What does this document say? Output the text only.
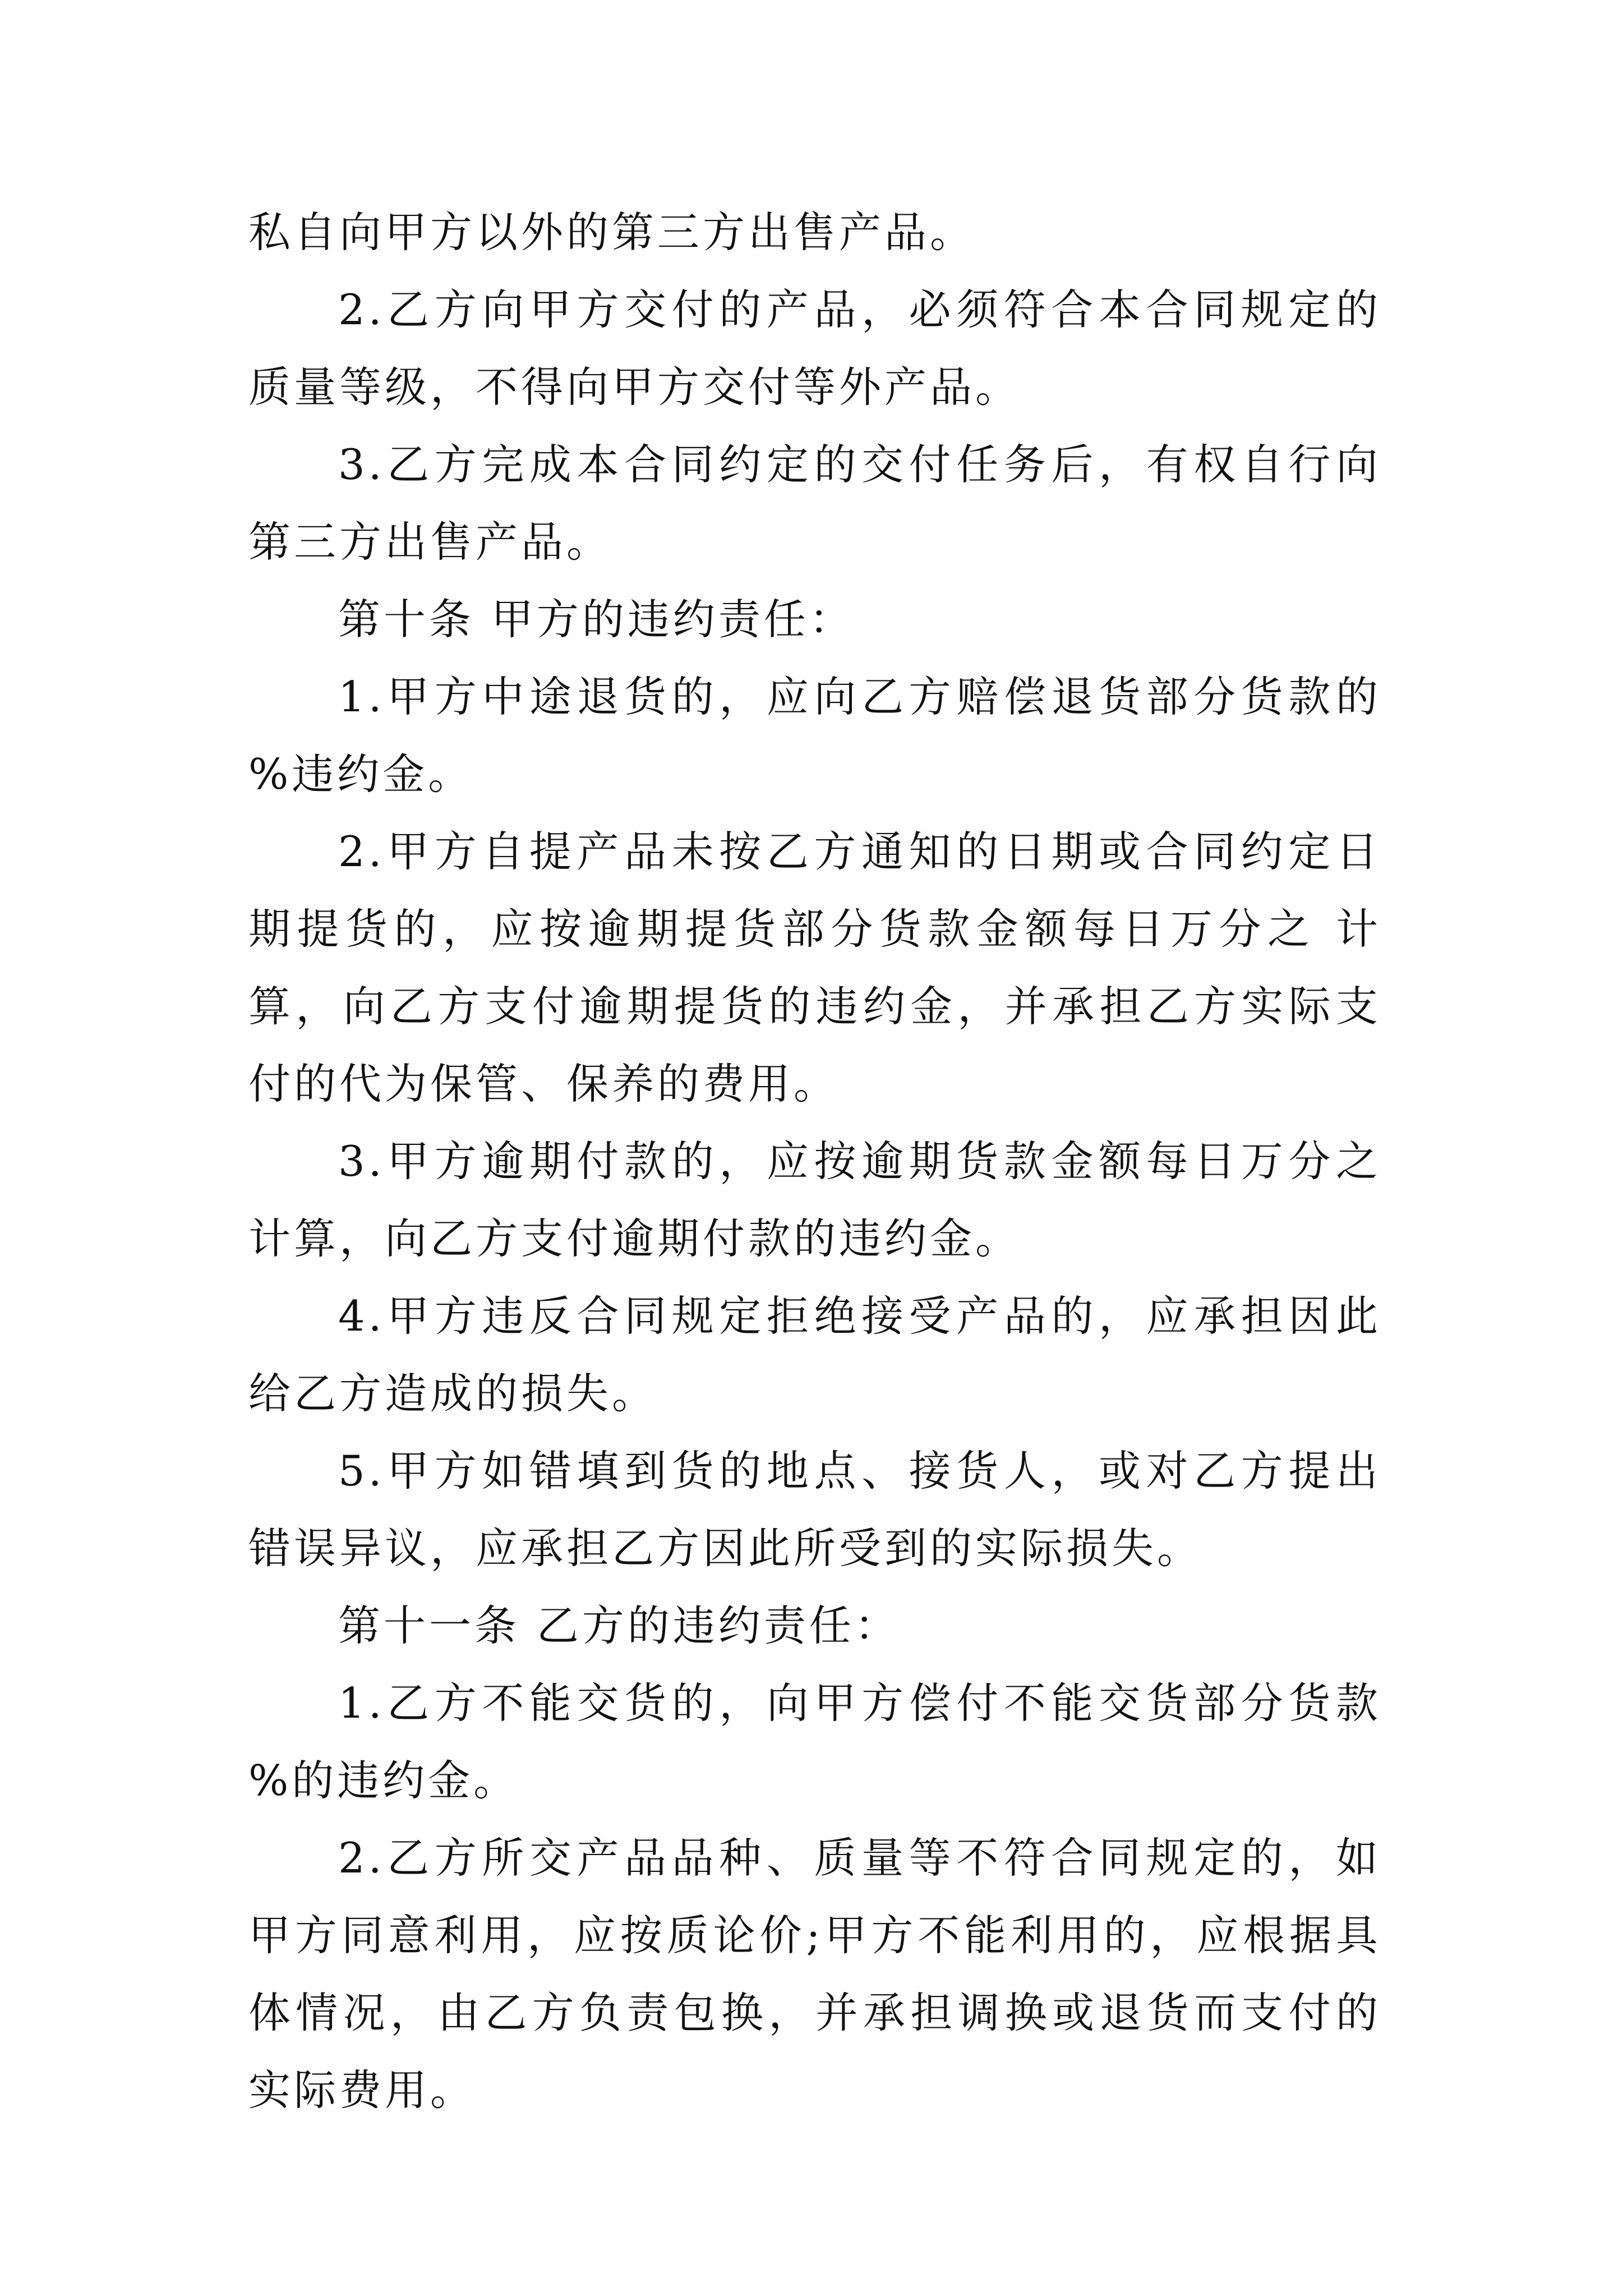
私自向甲方以外的第三方出售产品。

2.乙方向甲方交付的产品，必须符合本合同规定的质量等级，不得向甲方交付等外产品。

3.乙方完成本合同约定的交付任务后，有权自行向第三方出售产品。

第十条 甲方的违约责任：

1.甲方中途退货的，应向乙方赔偿退货部分货款的 %违约金。

2.甲方自提产品未按乙方通知的日期或合同约定日期提货的，应按逾期提货部分货款金额每日万分之 计算，向乙方支付逾期提货的违约金，并承担乙方实际支付的代为保管、保养的费用。

3.甲方逾期付款的，应按逾期货款金额每日万分之 计算，向乙方支付逾期付款的违约金。

4.甲方违反合同规定拒绝接受产品的，应承担因此给乙方造成的损失。

5.甲方如错填到货的地点、接货人，或对乙方提出错误异议，应承担乙方因此所受到的实际损失。

第十一条 乙方的违约责任：

1.乙方不能交货的，向甲方偿付不能交货部分货款 %的违约金。

2.乙方所交产品品种、质量等不符合同规定的，如甲方同意利用，应按质论价;甲方不能利用的，应根据具体情况，由乙方负责包换，并承担调换或退货而支付的实际费用。
